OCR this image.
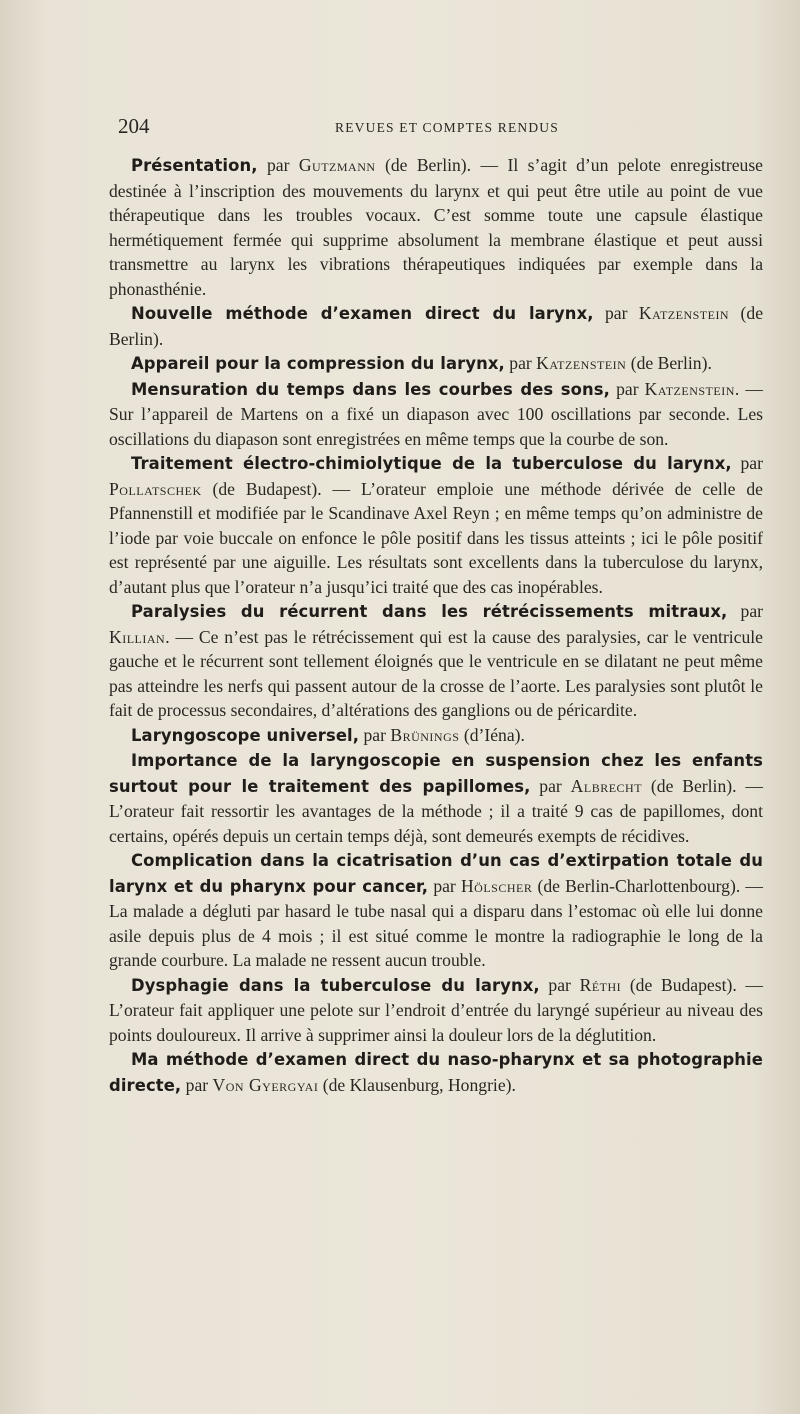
204	REVUES ET COMPTES RENDUS

Présentation, par Gutzmann (de Berlin). — Il s’agit d’un pelote enregistreuse destinée à l’inscription des mouvements du larynx et qui peut être utile au point de vue thérapeutique dans les troubles vocaux. C’est somme toute une capsule élastique hermétiquement fermée qui supprime absolument la membrane élastique et peut aussi transmettre au larynx les vibrations thérapeutiques indiquées par exemple dans la phonasthénie.

Nouvelle méthode d’examen direct du larynx, par Katzenstein (de Berlin).

Appareil pour la compression du larynx, par Katzenstein (de Berlin).

Mensuration du temps dans les courbes des sons, par Katzenstein. — Sur l’appareil de Martens on a fixé un diapason avec 100 oscillations par seconde. Les oscillations du diapason sont enregistrées en même temps que la courbe de son.

Traitement électro-chimiolytique de la tuberculose du larynx, par Pollatschek (de Budapest). — L’orateur emploie une méthode dérivée de celle de Pfannenstill et modifiée par le Scandinave Axel Reyn ; en même temps qu’on administre de l’iode par voie buccale on enfonce le pôle positif dans les tissus atteints ; ici le pôle positif est représenté par une aiguille. Les résultats sont excellents dans la tuberculose du larynx, d’autant plus que l’orateur n’a jusqu’ici traité que des cas inopérables.

Paralysies du récurrent dans les rétrécissements mitraux, par Killian. — Ce n’est pas le rétrécissement qui est la cause des paralysies, car le ventricule gauche et le récurrent sont tellement éloignés que le ventricule en se dilatant ne peut même pas atteindre les nerfs qui passent autour de la crosse de l’aorte. Les paralysies sont plutôt le fait de processus secondaires, d’altérations des ganglions ou de péricardite.

Laryngoscope universel, par Brünings (d’Iéna).

Importance de la laryngoscopie en suspension chez les enfants surtout pour le traitement des papillomes, par Albrecht (de Berlin). — L’orateur fait ressortir les avantages de la méthode ; il a traité 9 cas de papillomes, dont certains, opérés depuis un certain temps déjà, sont demeurés exempts de récidives.

Complication dans la cicatrisation d’un cas d’extirpation totale du larynx et du pharynx pour cancer, par Hölscher (de Berlin-Charlottenbourg). — La malade a dégluti par hasard le tube nasal qui a disparu dans l’estomac où elle lui donne asile depuis plus de 4 mois ; il est situé comme le montre la radiographie le long de la grande courbure. La malade ne ressent aucun trouble.

Dysphagie dans la tuberculose du larynx, par Réthi (de Budapest). — L’orateur fait appliquer une pelote sur l’endroit d’entrée du laryngé supérieur au niveau des points douloureux. Il arrive à supprimer ainsi la douleur lors de la déglutition.

Ma méthode d’examen direct du naso-pharynx et sa photographie directe, par Von Gyergyai (de Klausenburg, Hongrie).
